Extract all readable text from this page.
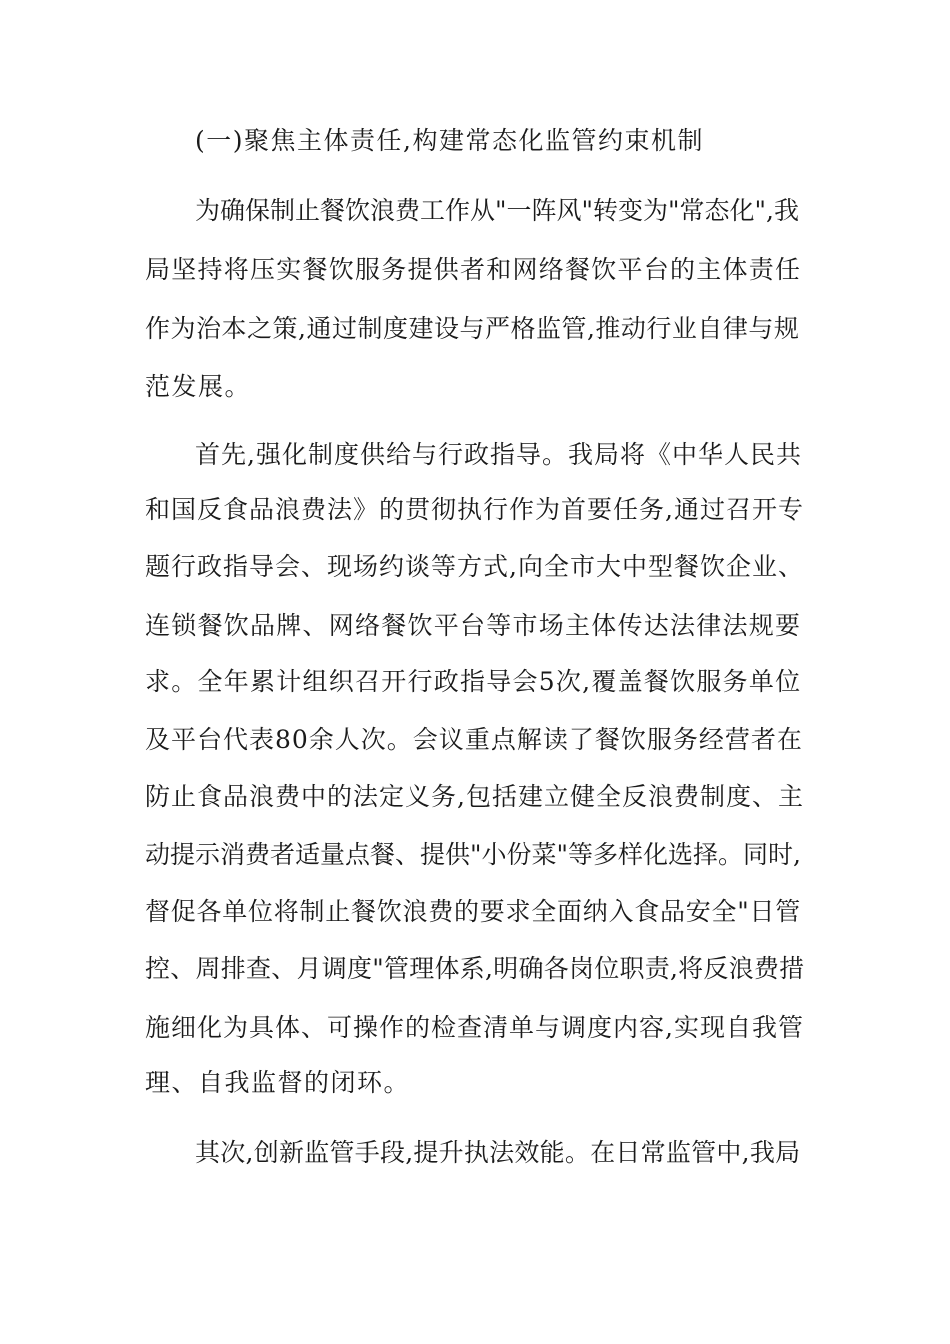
(一)聚焦主体责任,构建常态化监管约束机制
为确保制止餐饮浪费工作从"一阵风"转变为"常态化",我
局坚持将压实餐饮服务提供者和网络餐饮平台的主体责任
作为治本之策,通过制度建设与严格监管,推动行业自律与规
范发展。
首先,强化制度供给与行政指导。我局将《中华人民共
和国反食品浪费法》的贯彻执行作为首要任务,通过召开专
题行政指导会、现场约谈等方式,向全市大中型餐饮企业、
连锁餐饮品牌、网络餐饮平台等市场主体传达法律法规要
求。全年累计组织召开行政指导会5次,覆盖餐饮服务单位
及平台代表80余人次。会议重点解读了餐饮服务经营者在
防止食品浪费中的法定义务,包括建立健全反浪费制度、主
动提示消费者适量点餐、提供"小份菜"等多样化选择。同时,
督促各单位将制止餐饮浪费的要求全面纳入食品安全"日管
控、周排查、月调度"管理体系,明确各岗位职责,将反浪费措
施细化为具体、可操作的检查清单与调度内容,实现自我管
理、自我监督的闭环。
其次,创新监管手段,提升执法效能。在日常监管中,我局
